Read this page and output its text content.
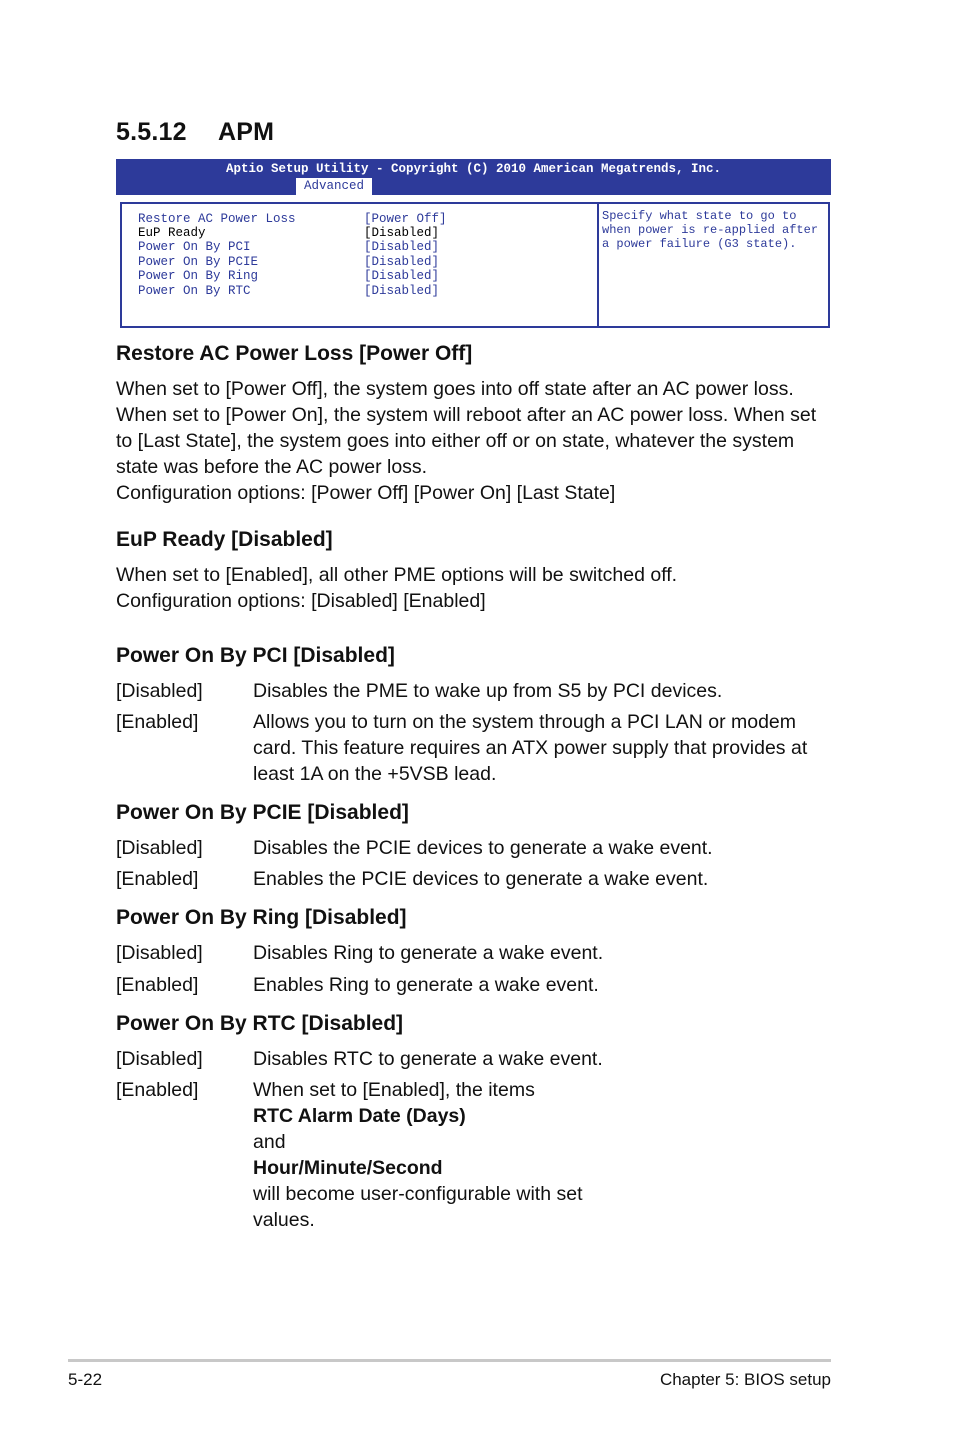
5.5.12 APM
Aptio Setup Utility - Copyright (C) 2010 American Megatrends, Inc.
Advanced
Restore AC Power Loss	[Power Off]
EuP Ready	[Disabled]
Power On By PCI	[Disabled]
Power On By PCIE	[Disabled]
Power On By Ring	[Disabled]
Power On By RTC	[Disabled]
Specify what state to go to
when power is re-applied after
a power failure (G3 state).
Restore AC Power Loss [Power Off]

When set to [Power Off], the system goes into off state after an AC power loss.
When set to [Power On], the system will reboot after an AC power loss. When set
to [Last State], the system goes into either off or on state, whatever the system
state was before the AC power loss.
Configuration options: [Power Off] [Power On] [Last State]

EuP Ready [Disabled]

When set to [Enabled], all other PME options will be switched off.
Configuration options: [Disabled] [Enabled]

Power On By PCI [Disabled]
[Disabled]	Disables the PME to wake up from S5 by PCI devices.
[Enabled]	Allows you to turn on the system through a PCI LAN or modem
card. This feature requires an ATX power supply that provides at
least 1A on the +5VSB lead.
Power On By PCIE [Disabled]
[Disabled]	Disables the PCIE devices to generate a wake event.
[Enabled]	Enables the PCIE devices to generate a wake event.
Power On By Ring [Disabled]
[Disabled]	Disables Ring to generate a wake event.
[Enabled]	Enables Ring to generate a wake event.
Power On By RTC [Disabled]
[Disabled]	Disables RTC to generate a wake event.
[Enabled]	When set to [Enabled], the items
RTC Alarm Date (Days)
and
Hour/Minute/Second
will become user-configurable with set
values.
5-22	Chapter 5: BIOS setup
